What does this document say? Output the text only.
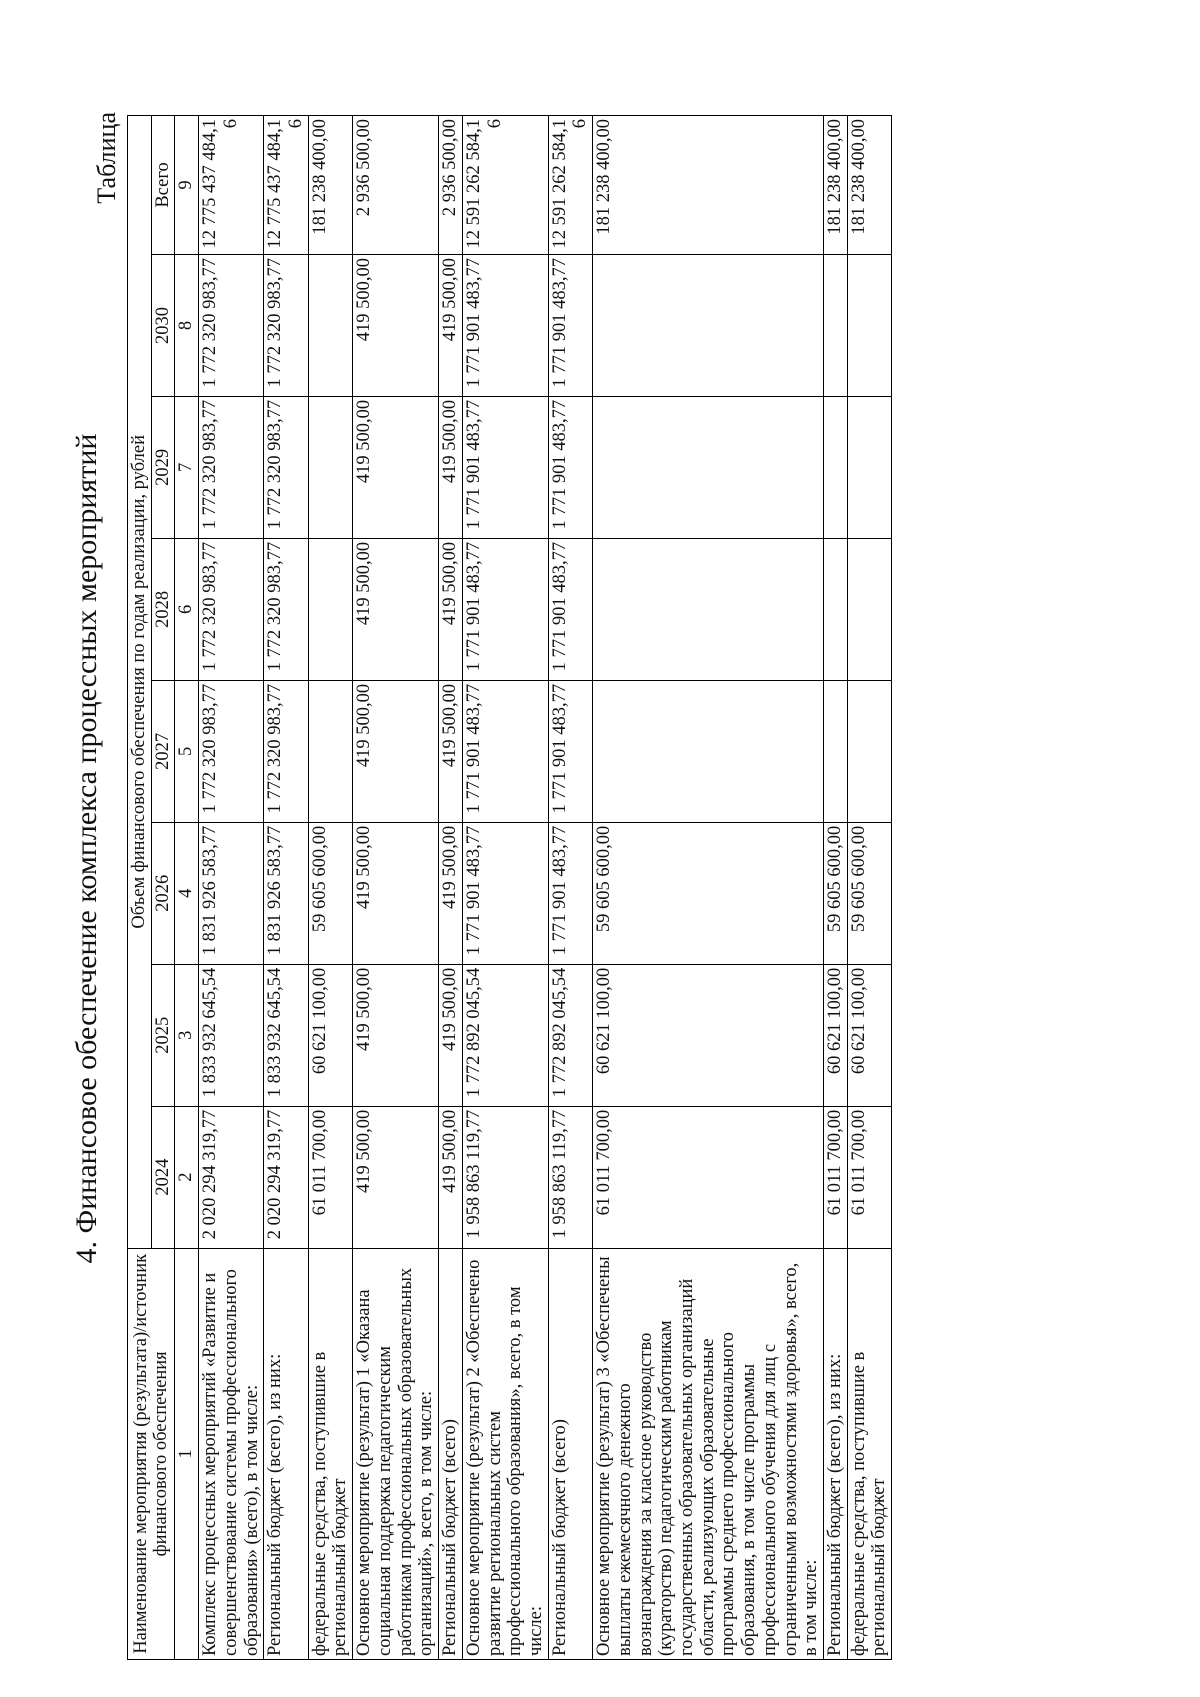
4. Финансовое обеспечение комплекса процессных мероприятий
Таблица
Наименование мероприятия (результата)/источник финансового обеспечения	Объем финансового обеспечения по годам реализации, рублей							
	2024	2025	2026	2027	2028	2029	2030	Всего
1	2	3	4	5	6	7	8	9
Комплекс процессных мероприятий «Развитие и совершенствование системы профессионального образования» (всего), в том числе:	2 020 294 319,77	1 833 932 645,54	1 831 926 583,77	1 772 320 983,77	1 772 320 983,77	1 772 320 983,77	1 772 320 983,77	12 775 437 484,16
Региональный бюджет (всего), из них:	2 020 294 319,77	1 833 932 645,54	1 831 926 583,77	1 772 320 983,77	1 772 320 983,77	1 772 320 983,77	1 772 320 983,77	12 775 437 484,16
федеральные средства, поступившие в региональный бюджет	61 011 700,00	60 621 100,00	59 605 600,00					181 238 400,00
Основное мероприятие (результат) 1 «Оказана социальная поддержка педагогическим работникам профессиональных образовательных организаций», всего, в том числе:	419 500,00	419 500,00	419 500,00	419 500,00	419 500,00	419 500,00	419 500,00	2 936 500,00
Региональный бюджет (всего)	419 500,00	419 500,00	419 500,00	419 500,00	419 500,00	419 500,00	419 500,00	2 936 500,00
Основное мероприятие (результат) 2 «Обеспечено развитие региональных систем профессионального образования», всего, в том числе:	1 958 863 119,77	1 772 892 045,54	1 771 901 483,77	1 771 901 483,77	1 771 901 483,77	1 771 901 483,77	1 771 901 483,77	12 591 262 584,16
Региональный бюджет (всего)	1 958 863 119,77	1 772 892 045,54	1 771 901 483,77	1 771 901 483,77	1 771 901 483,77	1 771 901 483,77	1 771 901 483,77	12 591 262 584,16
Основное мероприятие (результат) 3 «Обеспечены выплаты ежемесячного денежного вознаграждения за классное руководство (кураторство) педагогическим работникам государственных образовательных организаций области, реализующих образовательные программы среднего профессионального образования, в том числе программы профессионального обучения для лиц с ограниченными возможностями здоровья», всего, в том числе:	61 011 700,00	60 621 100,00	59 605 600,00					181 238 400,00
Региональный бюджет (всего), из них:	61 011 700,00	60 621 100,00	59 605 600,00					181 238 400,00
федеральные средства, поступившие в региональный бюджет	61 011 700,00	60 621 100,00	59 605 600,00					181 238 400,00
